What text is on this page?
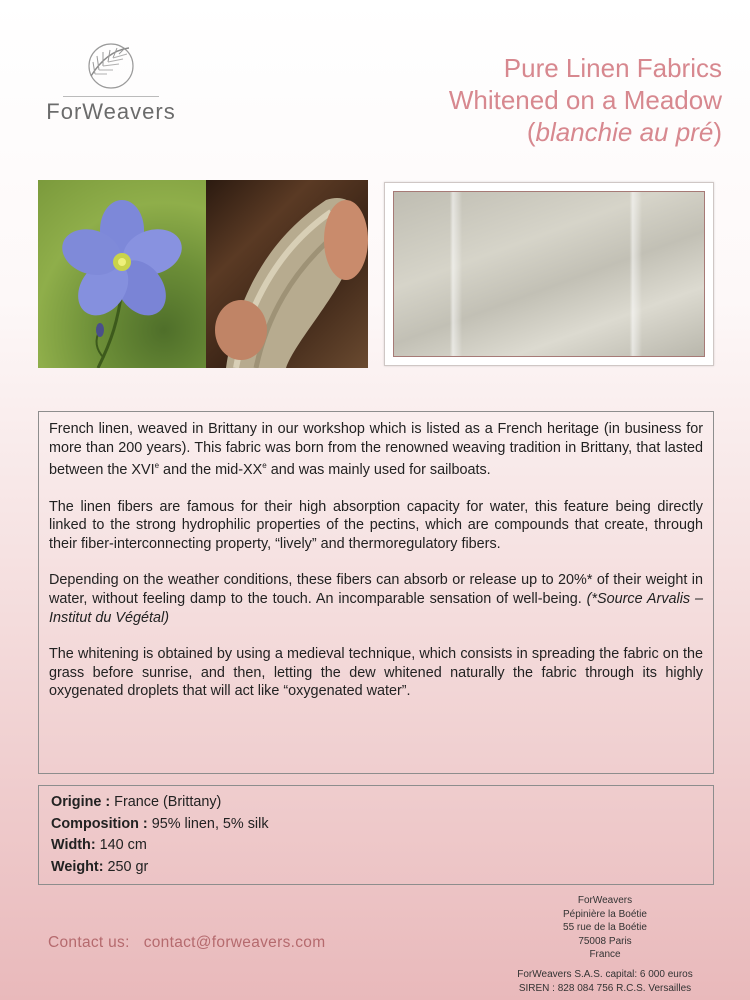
ForWeavers
Pure Linen Fabrics
Whitened on a Meadow
(blanchie au pré)

French linen, weaved in Brittany in our workshop which is listed as a French heritage (in business for more than 200 years). This fabric was born from the renowned weaving tradition in Brittany, that lasted between the XVIe and the mid-XXe and was mainly used for sailboats.

The linen fibers are famous for their high absorption capacity for water, this feature being directly linked to the strong hydrophilic properties of the pectins, which are compounds that create, through their fiber-interconnecting property, “lively” and thermoregulatory fibers.

Depending on the weather conditions, these fibers can absorb or release up to 20%* of their weight in water, without feeling damp to the touch. An incomparable sensation of well-being. (*Source Arvalis – Institut du Végétal)

The whitening is obtained by using a medieval technique, which consists in spreading the fabric on the grass before sunrise, and then, letting the dew whitened naturally the fabric through its highly oxygenated droplets that will act like “oxygenated water”.

Origine : France (Brittany)
Composition : 95% linen, 5% silk
Width: 140 cm
Weight: 250 gr
Contact us: contact@forweavers.com
ForWeavers
Pépinière la Boétie
55 rue de la Boétie
75008 Paris
France
ForWeavers S.A.S. capital: 6 000 euros
SIREN : 828 084 756 R.C.S. Versailles
